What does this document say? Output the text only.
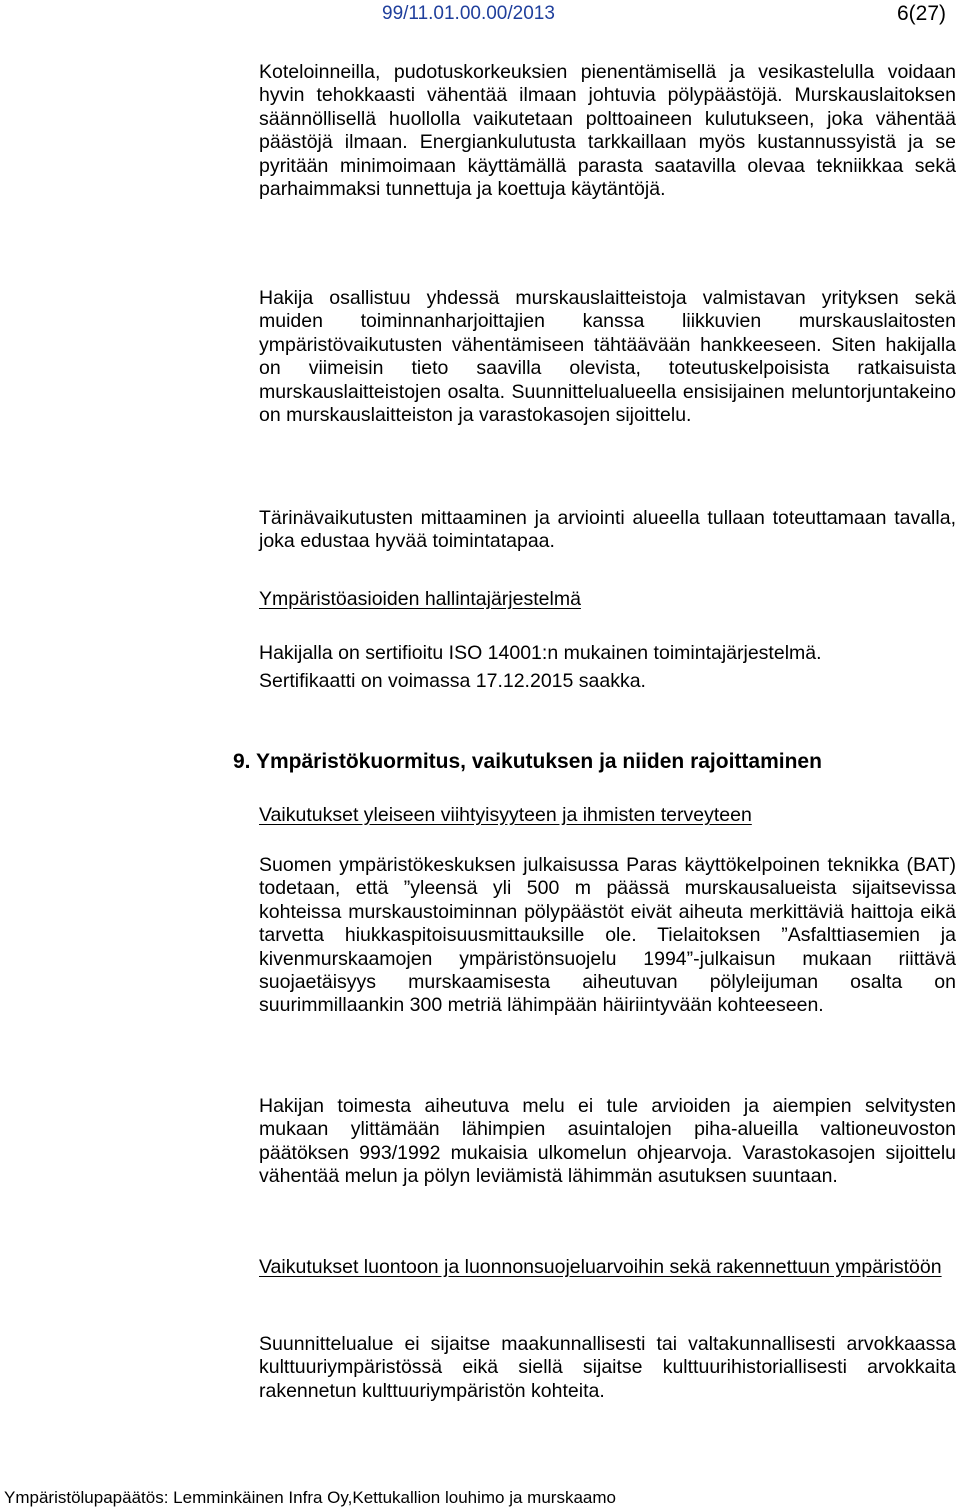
99/11.01.00.00/2013	6(27)

Koteloinneilla, pudotuskorkeuksien pienentämisellä ja vesikastelulla voidaan hyvin tehokkaasti vähentää ilmaan johtuvia pölypäästöjä. Murskauslaitoksen säännöllisellä huollolla vaikutetaan polttoaineen kulutukseen, joka vähentää päästöjä ilmaan. Energiankulutusta tarkkaillaan myös kustannussyistä ja se pyritään minimoimaan käyttämällä parasta saatavilla olevaa tekniikkaa sekä parhaimmaksi tunnettuja ja koettuja käytäntöjä.

Hakija osallistuu yhdessä murskauslaitteistoja valmistavan yrityksen sekä muiden toiminnanharjoittajien kanssa liikkuvien murskauslaitosten ympäristövaikutusten vähentämiseen tähtäävään hankkeeseen. Siten hakijalla on viimeisin tieto saavilla olevista, toteutuskelpoisista ratkaisuista murskauslaitteistojen osalta. Suunnittelualueella ensisijainen meluntorjuntakeino on murskauslaitteiston ja varastokasojen sijoittelu.

Tärinävaikutusten mittaaminen ja arviointi alueella tullaan toteuttamaan tavalla, joka edustaa hyvää toimintatapaa.

Ympäristöasioiden hallintajärjestelmä

Hakijalla on sertifioitu ISO 14001:n mukainen toimintajärjestelmä.

Sertifikaatti on voimassa 17.12.2015 saakka.

Vaikutukset yleiseen viihtyisyyteen ja ihmisten terveyteen

Suomen ympäristökeskuksen julkaisussa Paras käyttökelpoinen teknikka (BAT) todetaan, että ”yleensä yli 500 m päässä murskausalueista sijaitsevissa kohteissa murskaustoiminnan pölypäästöt eivät aiheuta merkittäviä haittoja eikä tarvetta hiukkaspitoisuusmittauksille ole. Tielaitoksen ”Asfalttiasemien ja kivenmurskaamojen ympäristönsuojelu 1994”-julkaisun mukaan riittävä suojaetäisyys murskaamisesta aiheutuvan pölyleijuman osalta on suurimmillaankin 300 metriä lähimpään häiriintyvään kohteeseen.

Hakijan toimesta aiheutuva melu ei tule arvioiden ja aiempien selvitysten mukaan ylittämään lähimpien asuintalojen piha-alueilla valtioneuvoston päätöksen 993/1992 mukaisia ulkomelun ohjearvoja. Varastokasojen sijoittelu vähentää melun ja pölyn leviämistä lähimmän asutuksen suuntaan.

Vaikutukset luontoon ja luonnonsuojeluarvoihin sekä rakennettuun ympäristöön

Suunnittelualue ei sijaitse maakunnallisesti tai valtakunnallisesti arvokkaassa kulttuuriympäristössä eikä siellä sijaitse kulttuurihistoriallisesti arvokkaita rakennetun kulttuuriympäristön kohteita.

9. Ympäristökuormitus, vaikutuksen ja niiden rajoittaminen
Ympäristölupapäätös: Lemminkäinen Infra Oy,Kettukallion louhimo ja murskaamo
